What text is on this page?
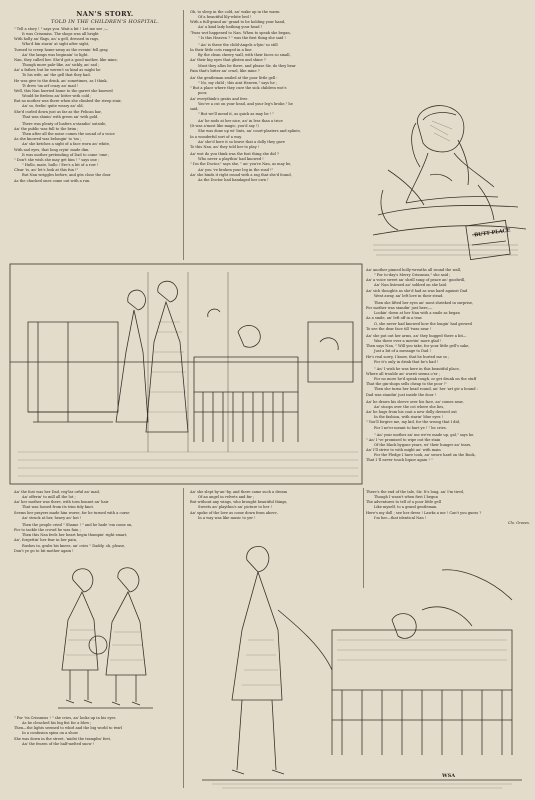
NAN'S STORY.
TOLD IN THE CHILDREN'S HOSPITAL.

" Tell a story ! " says you. Wait a bit ! Let me see ;—

It was Crissmiss. The shops was all bright

With holly an' flags, an' a gell, dressed in rags,

Who'd bin starin' at sight after sight,

Turned to creep home-away as the evenin' fell gray,

An' the lamps was beginnin' to light.

Nan, they called her. She'd got a good mother, like mine,

Though more pale-like, an' sickly, an' sad ;

An' a father, but he weren't so kind as might be

To his wife, an' the gell that they had.

He was give to the drink, an' sometimes, as I think,

Tt drew 'im orf crazy an' mad !

Well, this Nan hurried home to the garret she knowed

Would be fireless an' bitter with cold ;

But no mother was there when she climbed the steep stair,

An' so, feelin' quite weary an' old,

She'd curled down just as far as the Pelican bar,

That was shinin' with green an' with gold.

There was plenty of loafers a-standin' outside,

An' the public was full to the brim ;

Then after all the noise comes the sound of a voice

As she knowed was belongin' to 'im ;

An' she ketches a sight of a face worn an' white,

With sad eyes, that long cryin' made dim.

It was mother pretending of Dad to come 'ome ;

" Don't she wish she may get him ! " says one ;

" Hullo, mate, hullo ! Ere's a bit of a row !

Clear 'is, an' let's look at this fun !"

But Nan wriggles before, and gits close the door

As the chucked ones come out with a run.

Oh, to sleep in the cold, an' wake up in the warm

Of a beautiful lily-white bed !

With a full-grand an' grand to be holding your hand,

An' a kind lady bathing your head !

'Twas wot happened to Nan. When to speak she began,

" Is this Heaven ? " was the first thing she said !

" An' is these the child-Angels a-lyin' so still

In their little cots ranged in a line

By the clean cheery wall, with their faces so small,

An' their big eyes that glisten and shine ?

Must they allus lie there, and please Sir, do they bear

Pain that's bitter an' cruel, like mine ?

An' the gentleman smiled at the poor little gell :

" No, my child ; this aint Heaven," says he ;

" But a place where they cure the sick children wot's

poor,

An' everythink's gratis and free.

You've a cut on your head, and your leg's broke," he

said,

" But we'll mend it, as quick as may be ! "

An' he nods at her nice, an' in less than a trice

(It was a'most like magic, you'd say !)

She was done up wi' lints, an' court-plasters and splints,

In a wonderful sort of a way.

An' she'd bore it so brave that a dolly they gave

To this Nan, an' they told her to play !

An' wot do you think was the fust thing she did ?

Who never a playthin' had knowed !

" I'm the Doctor," says she, " an' you're Nan, as may be,

An' you 've broken your leg in the road !"

An' she binds it right round with a rag that she'd found,

As the Doctor had bandaged her own !

An' another pinned holly-wreaths all round the wall,

" For to-day's Merry Crissmiss," she said ;

An' a voice sweet an' shrill sung of peace an' goodwill,

An' Nan listened an' sobbed on she laid.

An' sich thoughts as she'd had as was hard against Dad

Went away, an' left love in their stead.

Then she lifted her eyes an' most shrieked in surprise,

For mother was standin' just here,—

Lookin' down at her Nan with a smile as began

As a smile, an' left off in a tear.

O, she never had knowed how the longin' had growed

To see the dear face till 'twas near !

An' she put out her arms, an' they hugged there a bit—

Was there ever a meetin' more glad !

Then says Nan, " Will you take, for your little gell's sake,

Just a bit of a message to Dad !

He's real sorry, I know, that he hurted me so ;

For it's only in drink that he's bad !

" An' I wish he was here in this beautiful place,

Where all trouble an' worrit seems o'er ;

For no more he'd speak rough, or get drunk on the stuff

That the gin-shops sells cheap to the poor !"

Then she turns her head round, an' her 'art giv a bound :

Dad was standin' just inside the door !

An' he draws his sleeve over his face, an' comes near,

An' stoops over the cot where she lies,

An' he hugs from his coat a new dolly dressed out

In the fashion, with starin' blue eyes !

" You'll forgive me, my kid, for the wrong that I did,

For I ne'er meant to hurt ye ! " he cries.

" An' your mother an' me we've made up, gal," says he,

" An' I 've promised to wipe out the stain

Of the black bygone years, wi' their hunger an' tears,

An' I'll strive to with might an' with main

For the Pledge I have took, an' swore hard on the Book,

That I 'll never touch liquor again ! "

An' the fust was her Dad, reg'lar orful an' mad,

An' offerin' to mill all the lot ;

An' her mother was there, with torn bonnet an' hair

That was loosed from its trim tidy knot.

Seems her prayers made him worse, for he turned with a curse

An' struck at her, heavy an' hot !

Then the people cried " Shame ! " and he hade 'em come on,

For to tackle the crowd he was fain ;

Then this Nan feels her heart begin thumpin' right smart,

An', forgettin' her fear in her pain,

Rushes in, grabs his knees, an' cries " Daddy, oh, please,

Don't ye go to hit mother again !

An' she slept by-an'-by, and there came such a dream

Of an angel in velvets and fur ;

But without any wings, who brought beautiful things,

Sweets an' playthin's an' picture to her !

An' spoke of the love as come down from above,

In a way was like music to yer !

There's the end of the tale, Sir. It's long, an' I'm tired,

Though I wasn't when first I begun

The adventures to tell of a poor little gell

Like myself, to a grand gentleman.

Here's my doll ; see her dress ! Lawks a me ! Can't you guess ?

I'm her—that identical Nan !

Clo. Graves.

" For 'tis Crissmiss ! " she cries, an' looks up in his eyes

As he clenched his big fist for a blow ;

Then—the lights seemed to whirl and the big world to twirl

In a confusion spins on a show.

She was down in the street, 'midst the tramplin' feet,

An' the frozen of the half-melted snow !

BUTT PLACE
WSA
